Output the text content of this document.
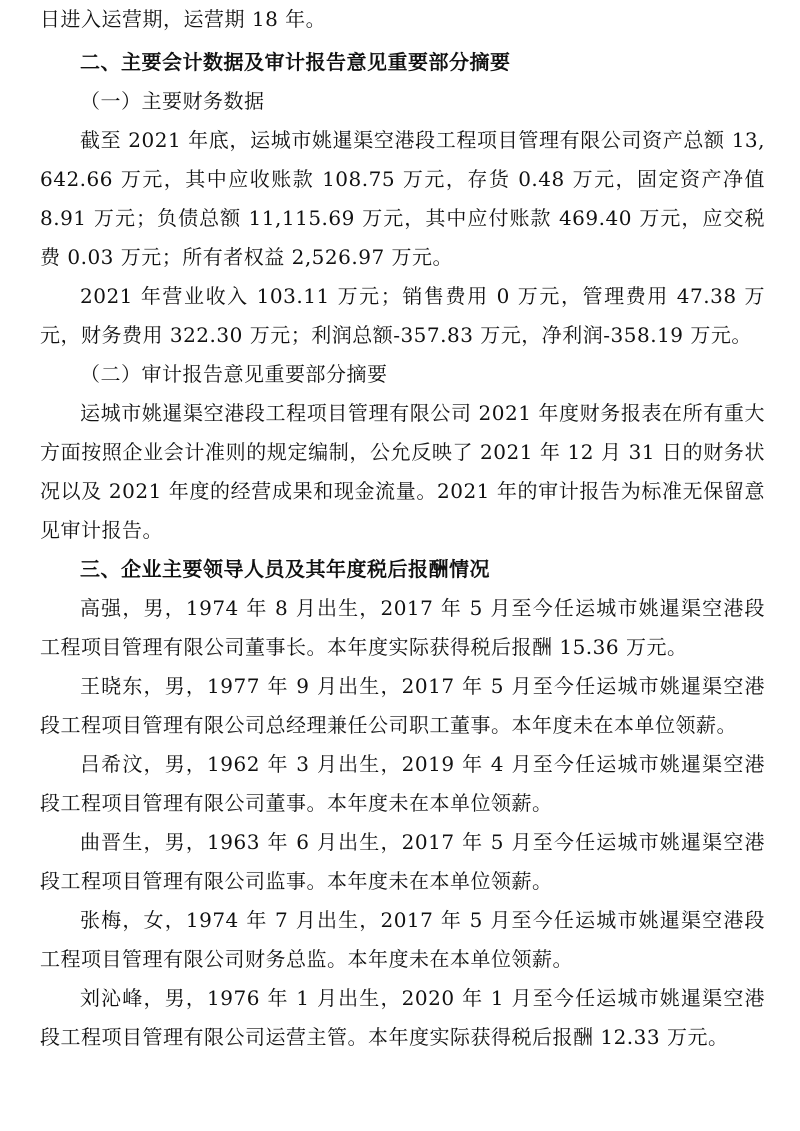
日进入运营期，运营期 18 年。

二、主要会计数据及审计报告意见重要部分摘要

（一）主要财务数据

截至 2021 年底，运城市姚暹渠空港段工程项目管理有限公司资产总额 13,642.66 万元，其中应收账款 108.75 万元，存货 0.48 万元，固定资产净值 8.91 万元；负债总额 11,115.69 万元，其中应付账款 469.40 万元，应交税费 0.03 万元；所有者权益 2,526.97 万元。

2021 年营业收入 103.11 万元；销售费用 0 万元，管理费用 47.38 万元，财务费用 322.30 万元；利润总额-357.83 万元，净利润-358.19 万元。

（二）审计报告意见重要部分摘要

运城市姚暹渠空港段工程项目管理有限公司 2021 年度财务报表在所有重大方面按照企业会计准则的规定编制，公允反映了 2021 年 12 月 31 日的财务状况以及 2021 年度的经营成果和现金流量。2021 年的审计报告为标准无保留意见审计报告。

三、企业主要领导人员及其年度税后报酬情况

高强，男，1974 年 8 月出生，2017 年 5 月至今任运城市姚暹渠空港段工程项目管理有限公司董事长。本年度实际获得税后报酬 15.36 万元。

王晓东，男，1977 年 9 月出生，2017 年 5 月至今任运城市姚暹渠空港段工程项目管理有限公司总经理兼任公司职工董事。本年度未在本单位领薪。

吕希汶，男，1962 年 3 月出生，2019 年 4 月至今任运城市姚暹渠空港段工程项目管理有限公司董事。本年度未在本单位领薪。

曲晋生，男，1963 年 6 月出生，2017 年 5 月至今任运城市姚暹渠空港段工程项目管理有限公司监事。本年度未在本单位领薪。

张梅，女，1974 年 7 月出生，2017 年 5 月至今任运城市姚暹渠空港段工程项目管理有限公司财务总监。本年度未在本单位领薪。

刘沁峰，男，1976 年 1 月出生，2020 年 1 月至今任运城市姚暹渠空港段工程项目管理有限公司运营主管。本年度实际获得税后报酬 12.33 万元。
